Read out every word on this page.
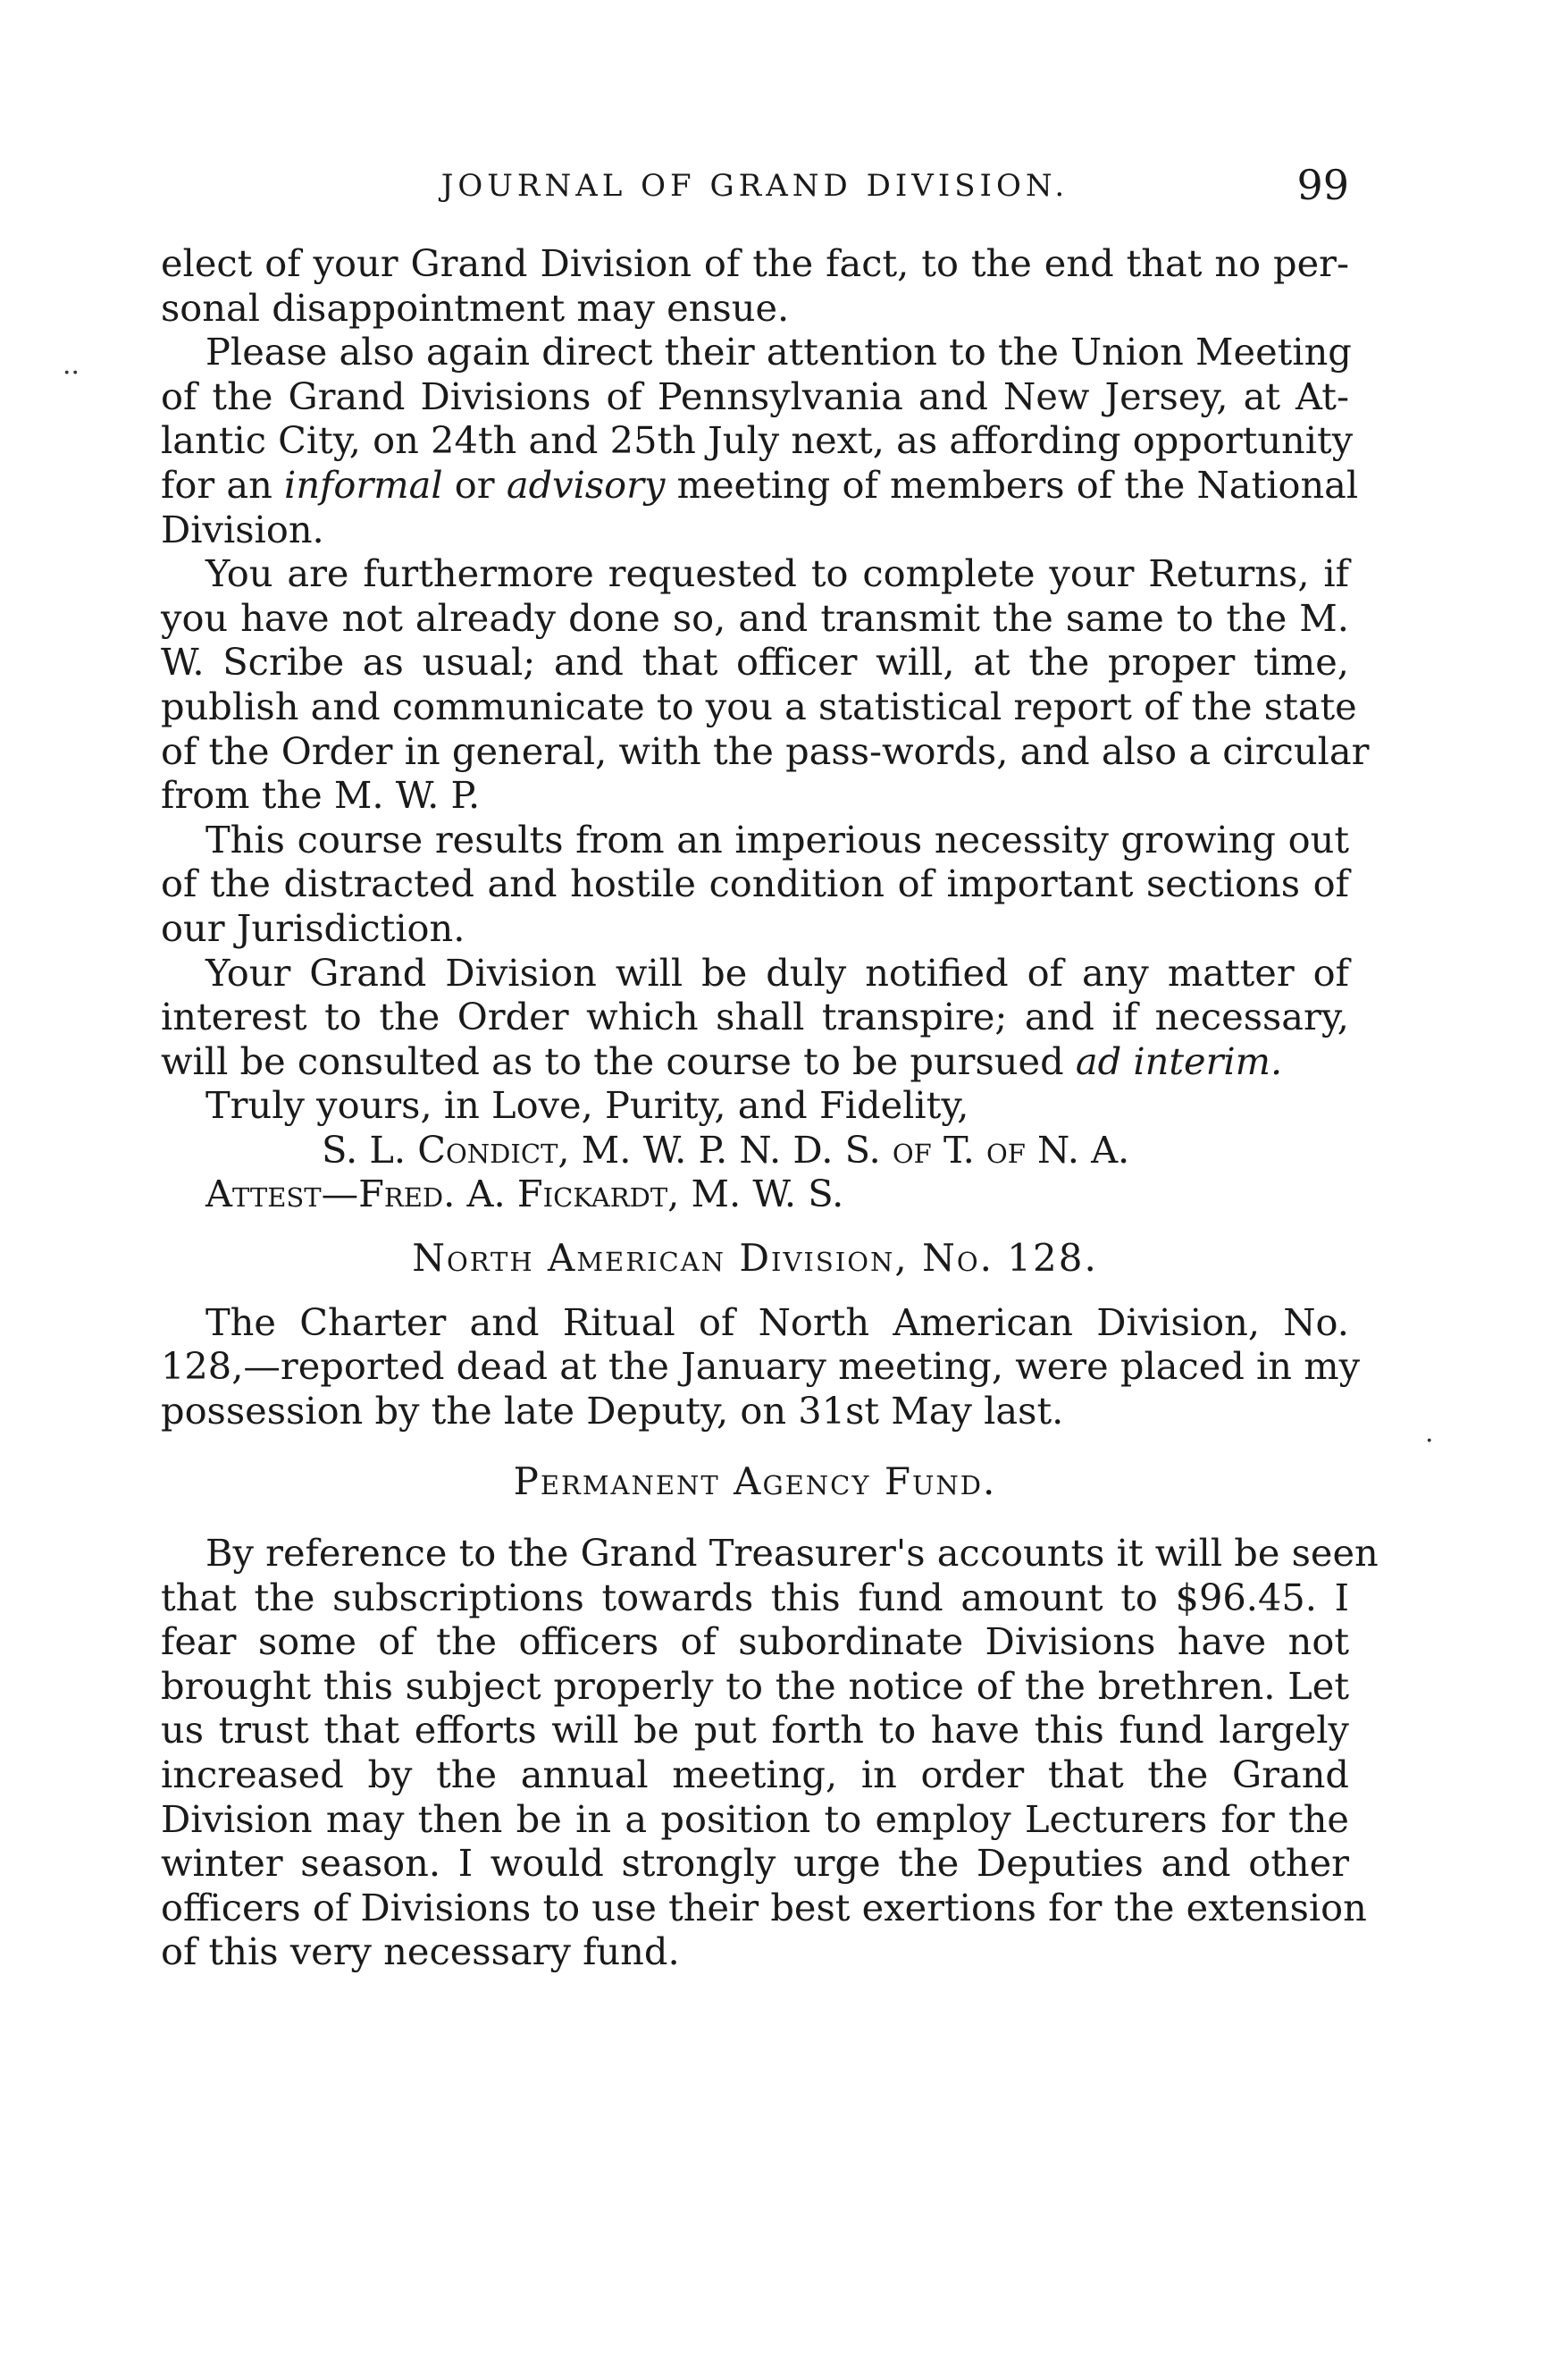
··
·
JOURNAL OF GRAND DIVISION.	99
elect of your Grand Division of the fact, to the end that no per-
sonal disappointment may ensue.
Please also again direct their attention to the Union Meeting
of the Grand Divisions of Pennsylvania and New Jersey, at At-
lantic City, on 24th and 25th July next, as affording opportunity
for an informal or advisory meeting of members of the National
Division.
You are furthermore requested to complete your Returns, if
you have not already done so, and transmit the same to the M.
W. Scribe as usual; and that officer will, at the proper time,
publish and communicate to you a statistical report of the state
of the Order in general, with the pass-words, and also a circular
from the M. W. P.
This course results from an imperious necessity growing out
of the distracted and hostile condition of important sections of
our Jurisdiction.
Your Grand Division will be duly notified of any matter of
interest to the Order which shall transpire; and if necessary,
will be consulted as to the course to be pursued ad interim.
Truly yours, in Love, Purity, and Fidelity,
S. L. Condict, M. W. P. N. D. S. of T. of N. A.
Attest—Fred. A. Fickardt, M. W. S.
North American Division, No. 128.
The Charter and Ritual of North American Division, No.
128,—reported dead at the January meeting, were placed in my
possession by the late Deputy, on 31st May last.
Permanent Agency Fund.
By reference to the Grand Treasurer's accounts it will be seen
that the subscriptions towards this fund amount to $96.45. I
fear some of the officers of subordinate Divisions have not
brought this subject properly to the notice of the brethren. Let
us trust that efforts will be put forth to have this fund largely
increased by the annual meeting, in order that the Grand
Division may then be in a position to employ Lecturers for the
winter season. I would strongly urge the Deputies and other
officers of Divisions to use their best exertions for the extension
of this very necessary fund.
